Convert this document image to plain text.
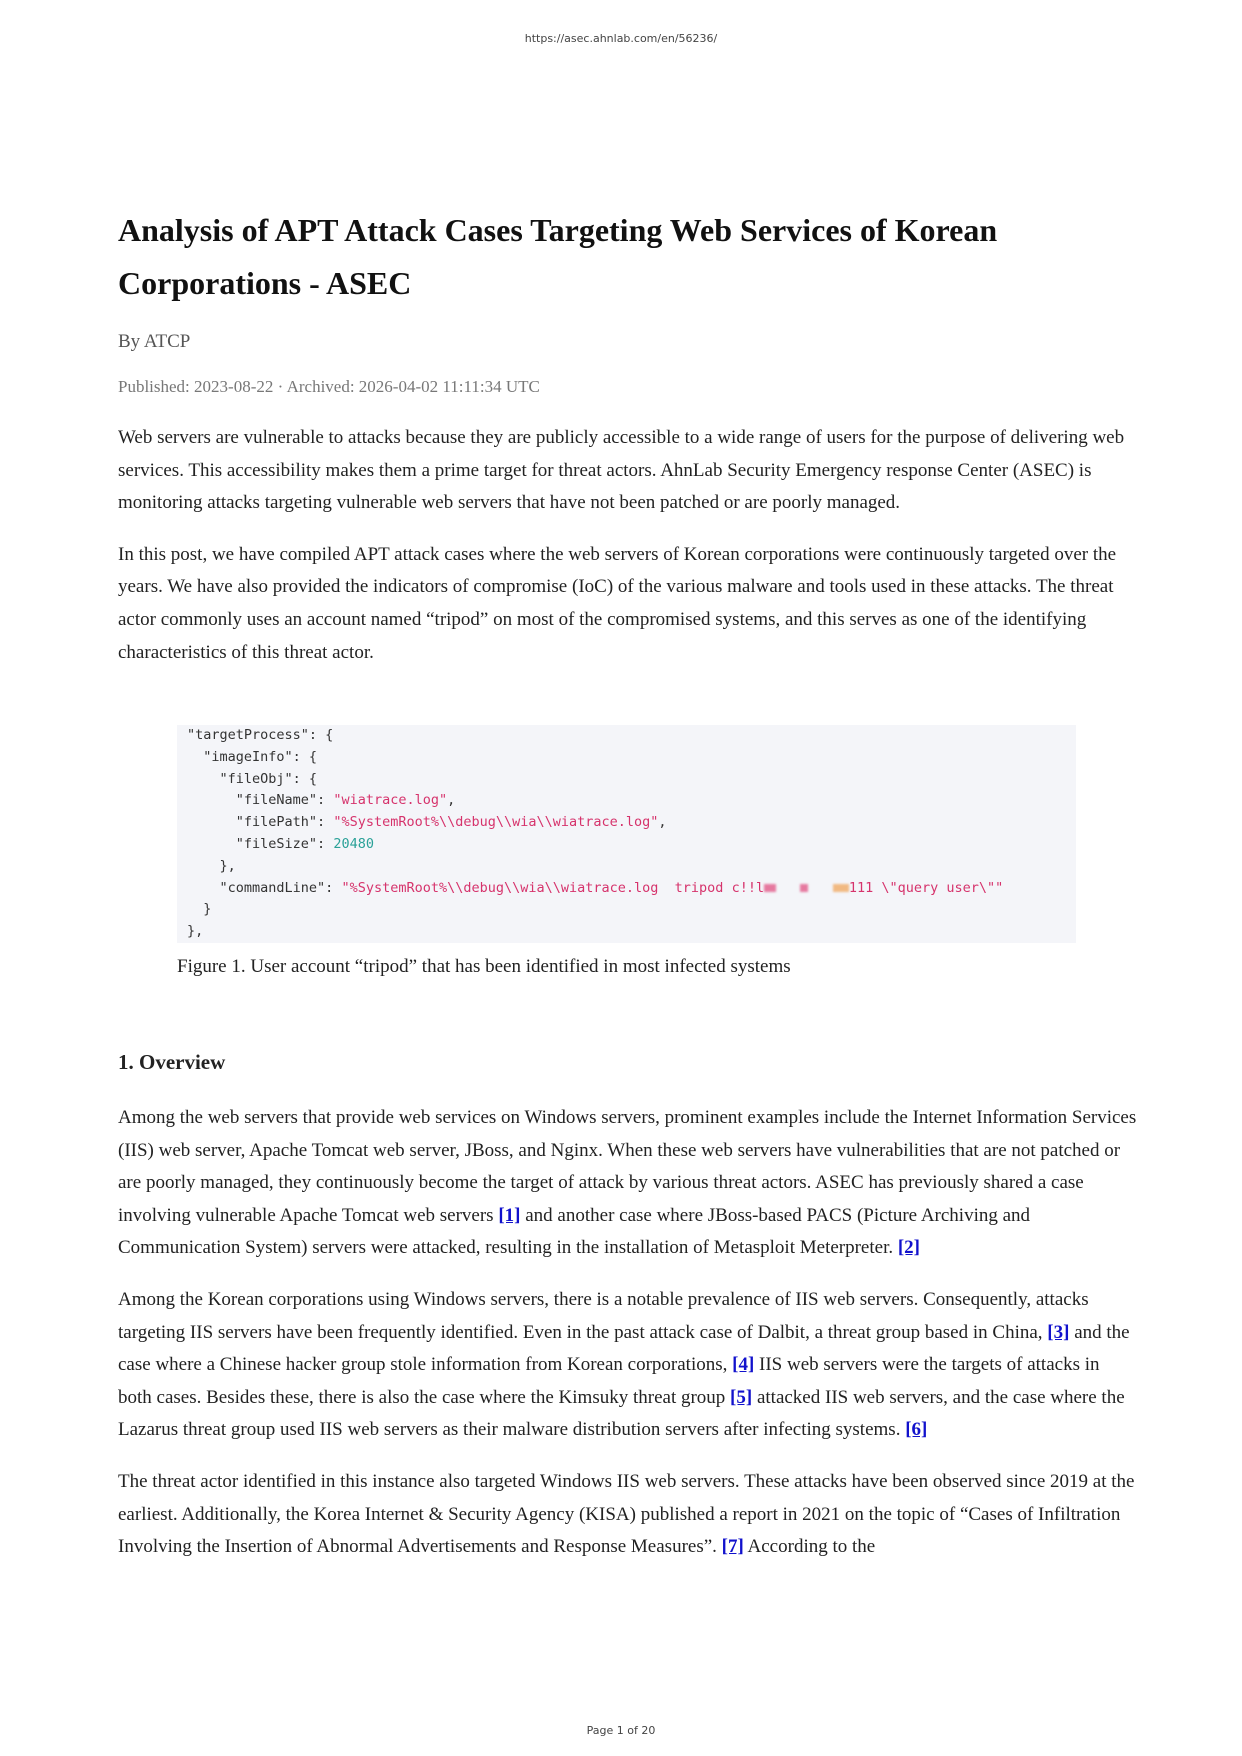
https://asec.ahnlab.com/en/56236/
Analysis of APT Attack Cases Targeting Web Services of Korean Corporations - ASEC
By ATCP
Published: 2023-08-22 · Archived: 2026-04-02 11:11:34 UTC

Web servers are vulnerable to attacks because they are publicly accessible to a wide range of users for the purpose of delivering web services. This accessibility makes them a prime target for threat actors. AhnLab Security Emergency response Center (ASEC) is monitoring attacks targeting vulnerable web servers that have not been patched or are poorly managed.

In this post, we have compiled APT attack cases where the web servers of Korean corporations were continuously targeted over the years. We have also provided the indicators of compromise (IoC) of the various malware and tools used in these attacks. The threat actor commonly uses an account named “tripod” on most of the compromised systems, and this serves as one of the identifying characteristics of this threat actor.

"targetProcess": {
"imageInfo": {
"fileObj": {
"fileName": "wiatrace.log",
"filePath": "%SystemRoot%\\debug\\wia\\wiatrace.log",
"fileSize": 20480
},
"commandLine": "%SystemRoot%\\debug\\wia\\wiatrace.log  tripod c!!l	111 \"query user\""
}
},
Figure 1. User account “tripod” that has been identified in most infected systems
1. Overview

Among the web servers that provide web services on Windows servers, prominent examples include the Internet Information Services (IIS) web server, Apache Tomcat web server, JBoss, and Nginx. When these web servers have vulnerabilities that are not patched or are poorly managed, they continuously become the target of attack by various threat actors. ASEC has previously shared a case involving vulnerable Apache Tomcat web servers [1] and another case where JBoss-based PACS (Picture Archiving and Communication System) servers were attacked, resulting in the installation of Metasploit Meterpreter. [2]

Among the Korean corporations using Windows servers, there is a notable prevalence of IIS web servers. Consequently, attacks targeting IIS servers have been frequently identified. Even in the past attack case of Dalbit, a threat group based in China, [3] and the case where a Chinese hacker group stole information from Korean corporations, [4] IIS web servers were the targets of attacks in both cases. Besides these, there is also the case where the Kimsuky threat group [5] attacked IIS web servers, and the case where the Lazarus threat group used IIS web servers as their malware distribution servers after infecting systems. [6]

The threat actor identified in this instance also targeted Windows IIS web servers. These attacks have been observed since 2019 at the earliest. Additionally, the Korea Internet & Security Agency (KISA) published a report in 2021 on the topic of “Cases of Infiltration Involving the Insertion of Abnormal Advertisements and Response Measures”. [7] According to the

Page 1 of 20
